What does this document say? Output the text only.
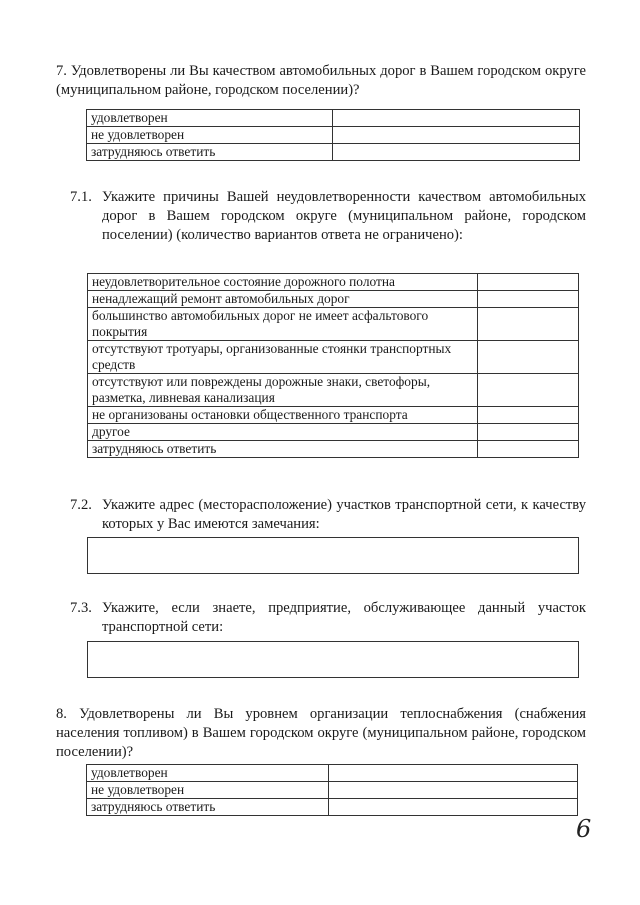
7. Удовлетворены ли Вы качеством автомобильных дорог в Вашем городском округе (муниципальном районе, городском поселении)?
удовлетворен	
не удовлетворен	
затрудняюсь ответить	
7.1. Укажите причины Вашей неудовлетворенности качеством автомобильных дорог в Вашем городском округе (муниципальном районе, городском поселении) (количество вариантов ответа не ограничено):
неудовлетворительное состояние дорожного полотна	
ненадлежащий ремонт автомобильных дорог	
большинство автомобильных дорог не имеет асфальтового покрытия	
отсутствуют тротуары, организованные стоянки транспортных средств	
отсутствуют или повреждены дорожные знаки, светофоры, разметка, ливневая канализация	
не организованы остановки общественного транспорта	
другое	
затрудняюсь ответить	
7.2. Укажите адрес (месторасположение) участков транспортной сети, к качеству которых у Вас имеются замечания:
7.3. Укажите, если знаете, предприятие, обслуживающее данный участок транспортной сети:
8. Удовлетворены ли Вы уровнем организации теплоснабжения (снабжения населения топливом) в Вашем городском округе (муниципальном районе, городском поселении)?
удовлетворен	
не удовлетворен	
затрудняюсь ответить	
6
